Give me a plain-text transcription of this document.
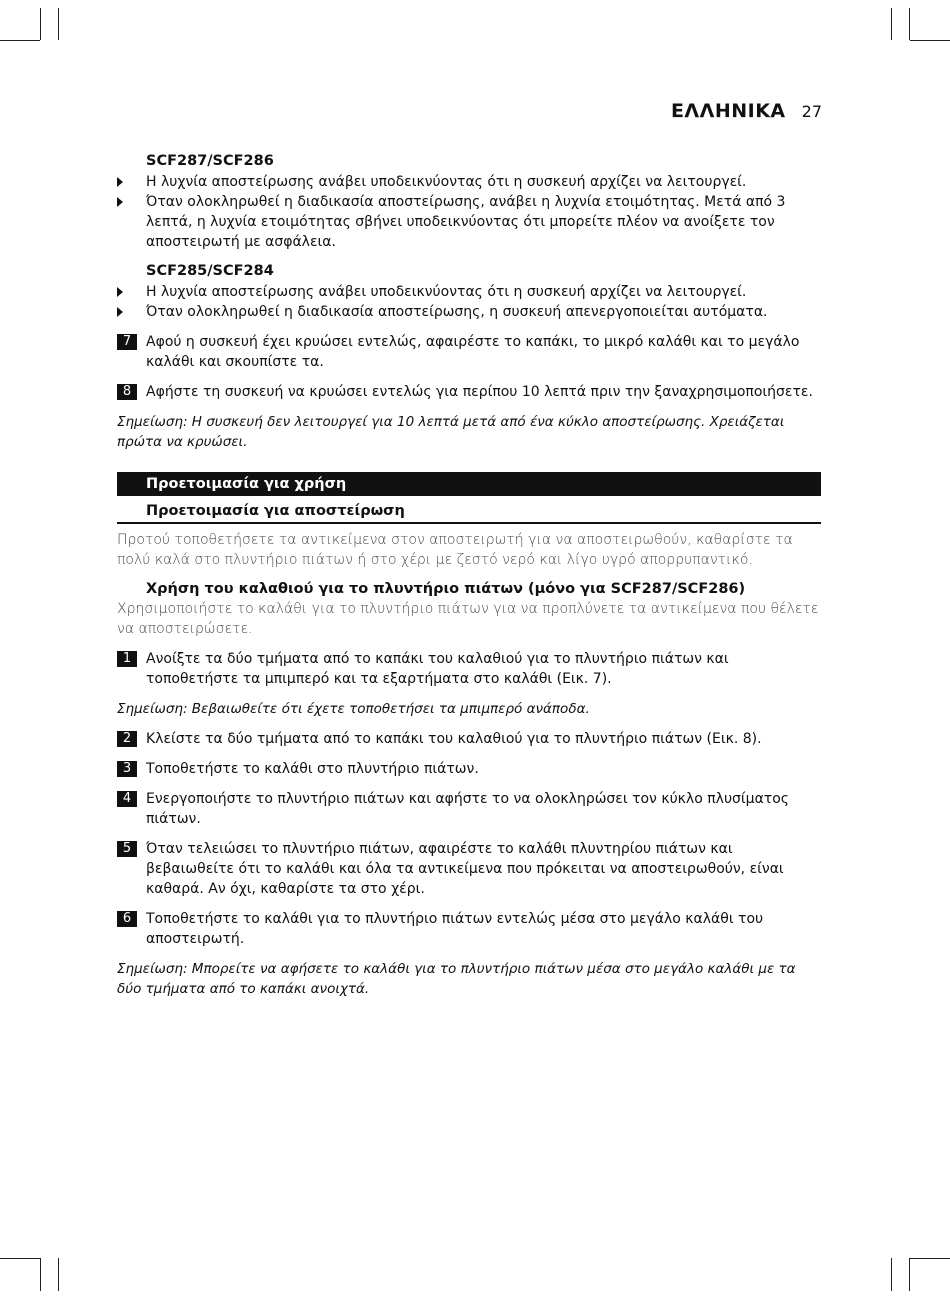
ΕΛΛΗΝΙΚΑ 27
SCF287/SCF286
Η λυχνία αποστείρωσης ανάβει υποδεικνύοντας ότι η συσκευή αρχίζει να λειτουργεί.
Όταν ολοκληρωθεί η διαδικασία αποστείρωσης, ανάβει η λυχνία ετοιμότητας. Μετά από 3 λεπτά, η λυχνία ετοιμότητας σβήνει υποδεικνύοντας ότι μπορείτε πλέον να ανοίξετε τον αποστειρωτή με ασφάλεια.
SCF285/SCF284
Η λυχνία αποστείρωσης ανάβει υποδεικνύοντας ότι η συσκευή αρχίζει να λειτουργεί.
Όταν ολοκληρωθεί η διαδικασία αποστείρωσης, η συσκευή απενεργοποιείται αυτόματα.
7	Αφού η συσκευή έχει κρυώσει εντελώς, αφαιρέστε το καπάκι, το μικρό καλάθι και το μεγάλο καλάθι και σκουπίστε τα.
8	Αφήστε τη συσκευή να κρυώσει εντελώς για περίπου 10 λεπτά πριν την ξαναχρησιμοποιήσετε.
Σημείωση: Η συσκευή δεν λειτουργεί για 10 λεπτά μετά από ένα κύκλο αποστείρωσης. Χρειάζεται πρώτα να κρυώσει.
Προετοιμασία για χρήση
Προετοιμασία για αποστείρωση
Προτού τοποθετήσετε τα αντικείμενα στον αποστειρωτή για να αποστειρωθούν, καθαρίστε τα πολύ καλά στο πλυντήριο πιάτων ή στο χέρι με ζεστό νερό και λίγο υγρό απορρυπαντικό.
Χρήση του καλαθιού για το πλυντήριο πιάτων (μόνο για SCF287/SCF286)
Χρησιμοποιήστε το καλάθι για το πλυντήριο πιάτων για να προπλύνετε τα αντικείμενα που θέλετε να αποστειρώσετε.
1	Ανοίξτε τα δύο τμήματα από το καπάκι του καλαθιού για το πλυντήριο πιάτων και τοποθετήστε τα μπιμπερό και τα εξαρτήματα στο καλάθι (Εικ. 7).
Σημείωση: Βεβαιωθείτε ότι έχετε τοποθετήσει τα μπιμπερό ανάποδα.
2	Κλείστε τα δύο τμήματα από το καπάκι του καλαθιού για το πλυντήριο πιάτων (Εικ. 8).
3	Τοποθετήστε το καλάθι στο πλυντήριο πιάτων.
4	Ενεργοποιήστε το πλυντήριο πιάτων και αφήστε το να ολοκληρώσει τον κύκλο πλυσίματος πιάτων.
5	Όταν τελειώσει το πλυντήριο πιάτων, αφαιρέστε το καλάθι πλυντηρίου πιάτων και βεβαιωθείτε ότι το καλάθι και όλα τα αντικείμενα που πρόκειται να αποστειρωθούν, είναι καθαρά. Αν όχι, καθαρίστε τα στο χέρι.
6	Τοποθετήστε το καλάθι για το πλυντήριο πιάτων εντελώς μέσα στο μεγάλο καλάθι του αποστειρωτή.
Σημείωση: Μπορείτε να αφήσετε το καλάθι για το πλυντήριο πιάτων μέσα στο μεγάλο καλάθι με τα δύο τμήματα από το καπάκι ανοιχτά.
